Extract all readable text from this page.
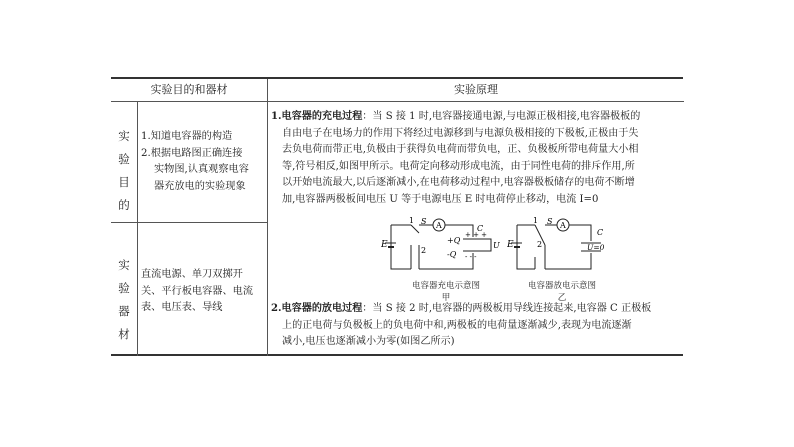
实验目的和器材	实验原理
实
验
目
的
1.知道电容器的构造
2.根据电路图正确连接
实物图,认真观察电容
器充放电的实验现象
实
验
器
材
直流电源、单刀双掷开
关、平行板电容器、电流
表、电压表、导线
1.电容器的充电过程：当 S 接 1 时,电容器接通电源,与电源正极相接,电容器极板的
自由电子在电场力的作用下将经过电源移到与电源负极相接的下极板,正极由于失
去负电荷而带正电,负极由于获得负电荷而带负电，正、负极板所带电荷量大小相
等,符号相反,如图甲所示。电荷定向移动形成电流，由于同性电荷的排斥作用,所
以开始电流最大,以后逐渐减小,在电荷移动过程中,电容器极板储存的电荷不断增
加,电容器两极板间电压 U 等于电源电压 E 时电荷停止移动，电流 I=0
E
1 S
2
A	C
+Q
-Q
+ + +
- - -
U
电容器充电示意图
甲
E
1 S
2
A
C
U=0
电容器放电示意图
乙
2.电容器的放电过程：当 S 接 2 时,电容器的两极板用导线连接起来,电容器 C 正极板
上的正电荷与负极板上的负电荷中和,两极板的电荷量逐渐减少,表现为电流逐渐
减小,电压也逐渐减小为零(如图乙所示)
